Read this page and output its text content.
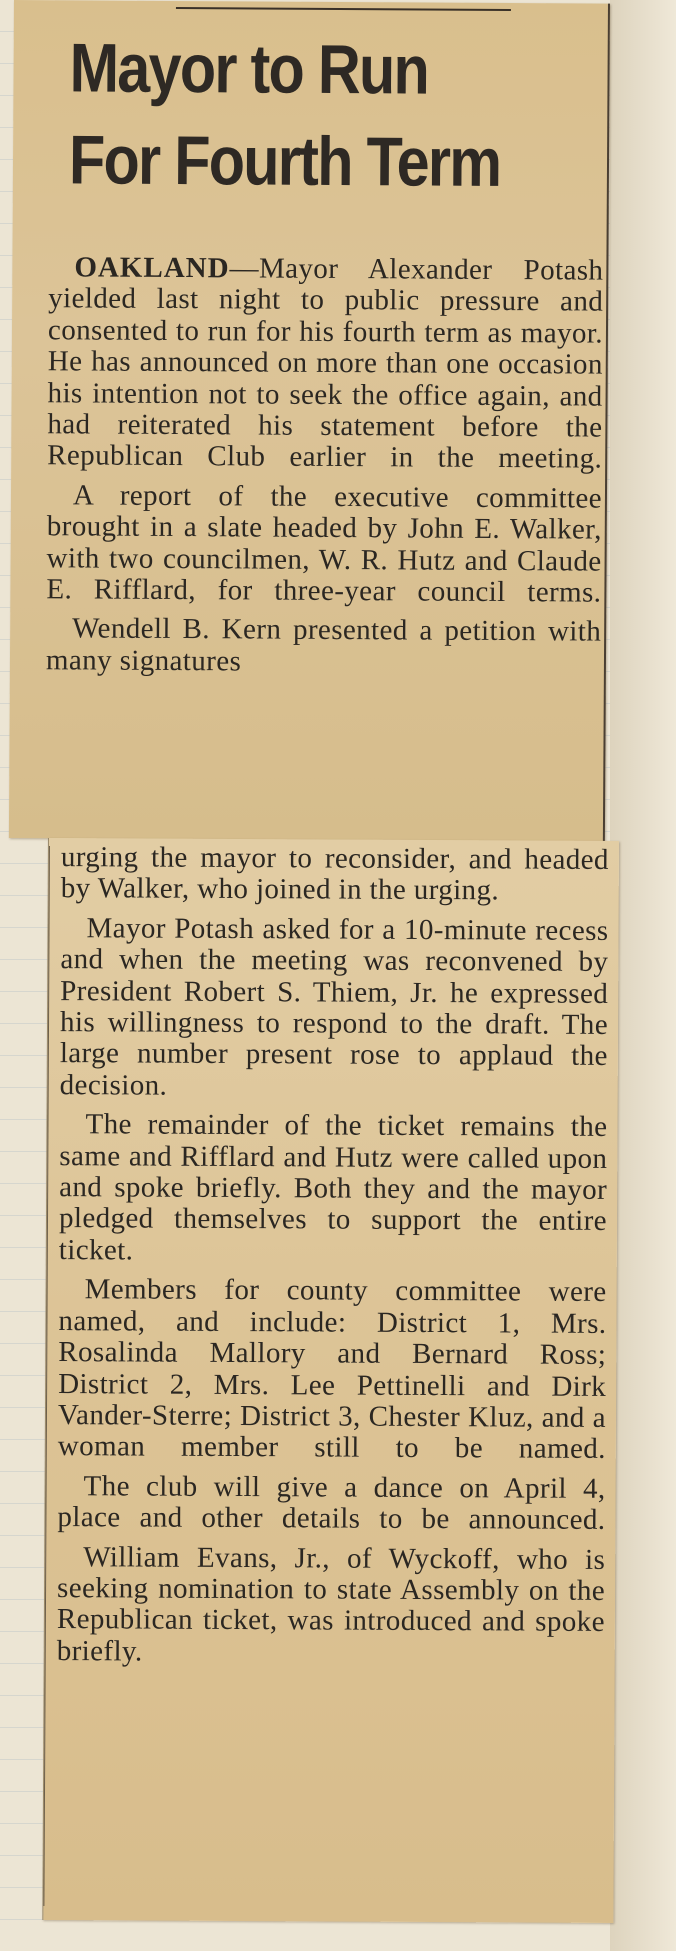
Mayor to Run
For Fourth Term

OAKLAND—Mayor Alexander Potash yielded last night to public pressure and consented to run for his fourth term as mayor. He has announced on more than one occasion his intention not to seek the office again, and had reiterated his statement before the Republican Club earlier in the meeting.

A report of the executive committee brought in a slate headed by John E. Walker, with two councilmen, W. R. Hutz and Claude E. Rifflard, for three-year council terms.

Wendell B. Kern presented a petition with many signatures

urging the mayor to reconsider, and headed by Walker, who joined in the urging.

Mayor Potash asked for a 10-minute recess and when the meeting was reconvened by President Robert S. Thiem, Jr. he expressed his willingness to respond to the draft. The large number present rose to applaud the decision.

The remainder of the ticket remains the same and Rifflard and Hutz were called upon and spoke briefly. Both they and the mayor pledged themselves to support the entire ticket.

Members for county committee were named, and include: District 1, Mrs. Rosalinda Mallory and Bernard Ross; District 2, Mrs. Lee Pettinelli and Dirk Vander-Sterre; District 3, Chester Kluz, and a woman member still to be named.

The club will give a dance on April 4, place and other details to be announced.

William Evans, Jr., of Wyckoff, who is seeking nomination to state Assembly on the Republican ticket, was introduced and spoke briefly.
